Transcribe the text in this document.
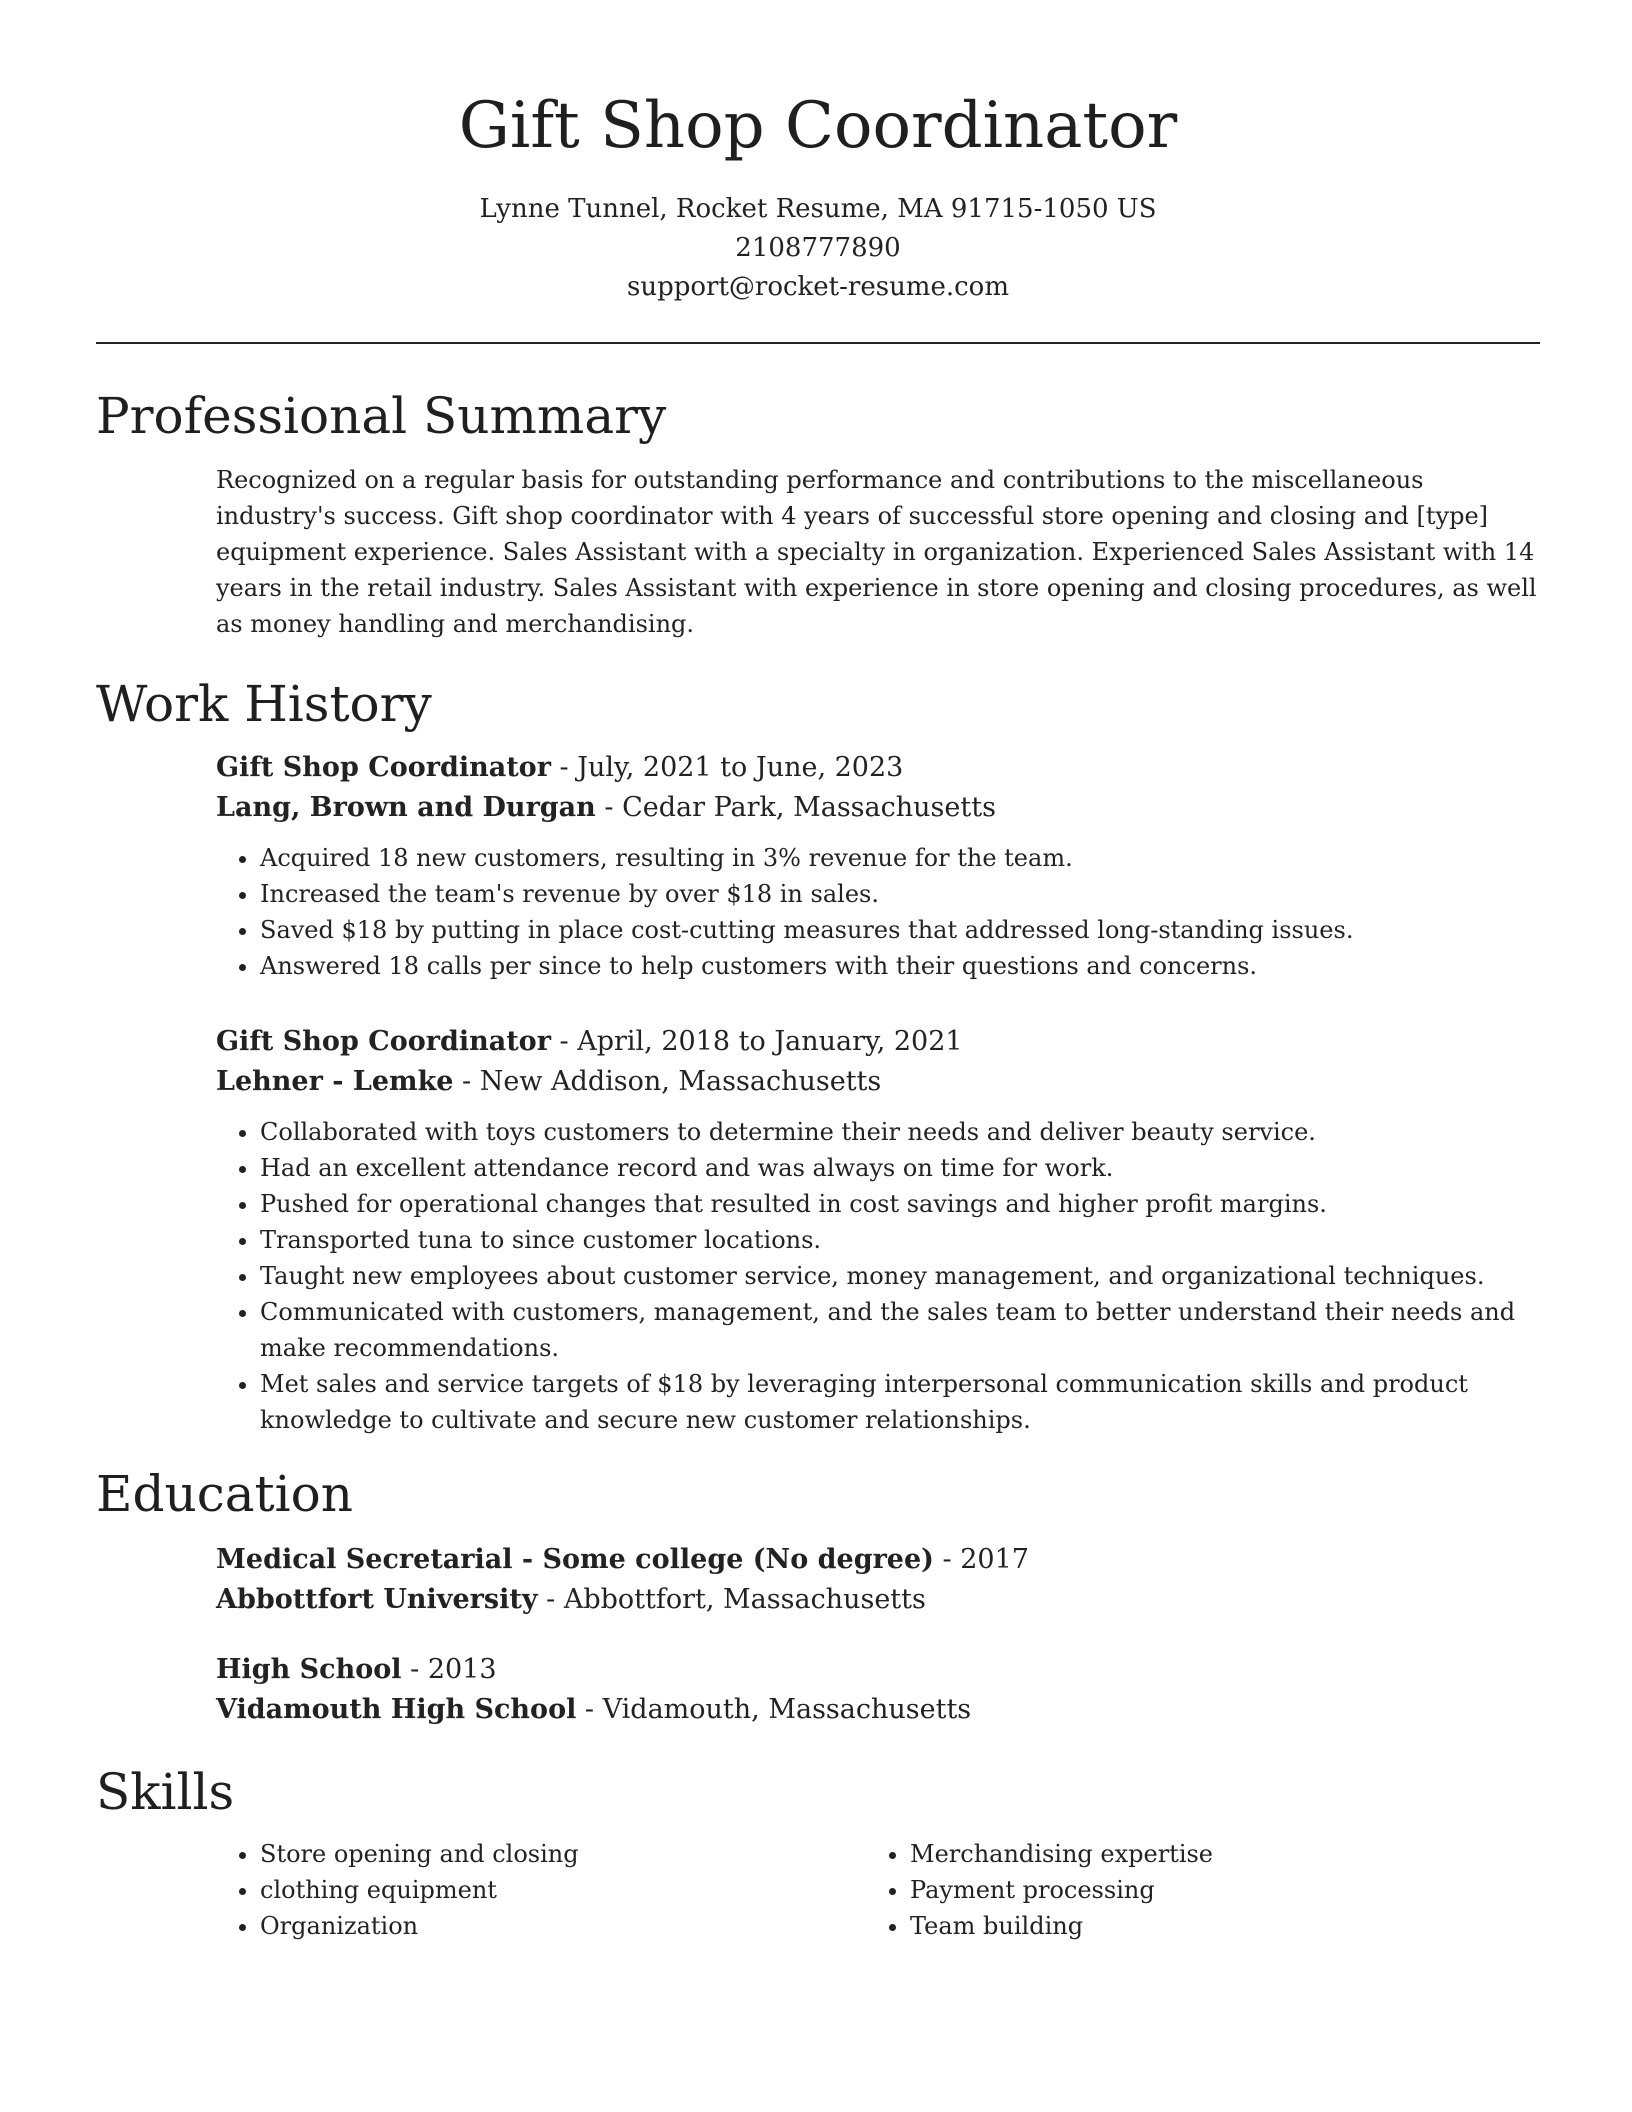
Gift Shop Coordinator
Lynne Tunnel, Rocket Resume, MA 91715-1050 US
2108777890
support@rocket-resume.com
Professional Summary
Recognized on a regular basis for outstanding performance and contributions to the miscellaneous industry's success. Gift shop coordinator with 4 years of successful store opening and closing and [type] equipment experience. Sales Assistant with a specialty in organization. Experienced Sales Assistant with 14 years in the retail industry. Sales Assistant with experience in store opening and closing procedures, as well as money handling and merchandising.
Work History
Gift Shop Coordinator - July, 2021 to June, 2023
Lang, Brown and Durgan - Cedar Park, Massachusetts
• Acquired 18 new customers, resulting in 3% revenue for the team.
• Increased the team's revenue by over $18 in sales.
• Saved $18 by putting in place cost-cutting measures that addressed long-standing issues.
• Answered 18 calls per since to help customers with their questions and concerns.
Gift Shop Coordinator - April, 2018 to January, 2021
Lehner - Lemke - New Addison, Massachusetts
• Collaborated with toys customers to determine their needs and deliver beauty service.
• Had an excellent attendance record and was always on time for work.
• Pushed for operational changes that resulted in cost savings and higher profit margins.
• Transported tuna to since customer locations.
• Taught new employees about customer service, money management, and organizational techniques.
• Communicated with customers, management, and the sales team to better understand their needs and make recommendations.
• Met sales and service targets of $18 by leveraging interpersonal communication skills and product knowledge to cultivate and secure new customer relationships.
Education
Medical Secretarial - Some college (No degree) - 2017
Abbottfort University - Abbottfort, Massachusetts
High School - 2013
Vidamouth High School - Vidamouth, Massachusetts
Skills
• Store opening and closing
• clothing equipment
• Organization
• Merchandising expertise
• Payment processing
• Team building
